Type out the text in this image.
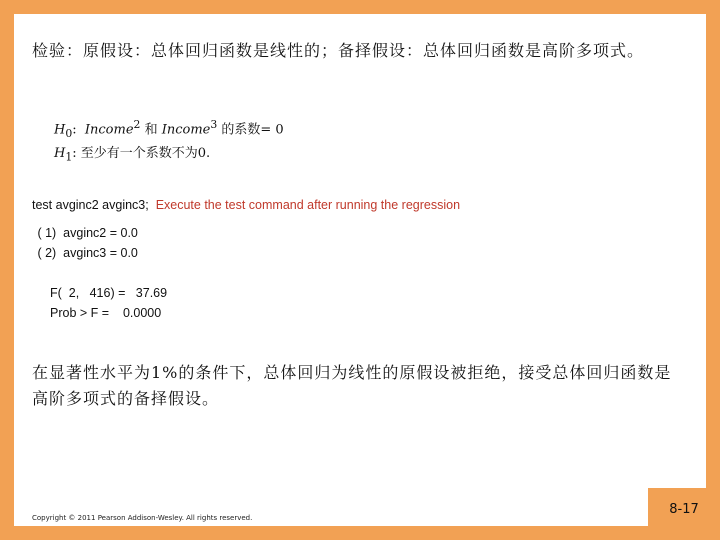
检验：原假设：总体回归函数是线性的；备择假设：总体回归函数是高阶多项式。
$H_0$: Income$^2$ 和 Income$^3$ 的系数= 0
$H_1$: 至少有一个系数不为0.
test avginc2 avginc3;  Execute the test command after running the regression
( 1)  avginc2 = 0.0
( 2)  avginc3 = 0.0
F(  2,   416) =   37.69
Prob > F =    0.0000
在显著性水平为1%的条件下，总体回归为线性的原假设被拒绝，接受总体回归函数是高阶多项式的备择假设。
Copyright © 2011 Pearson Addison-Wesley. All rights reserved.
8-17
